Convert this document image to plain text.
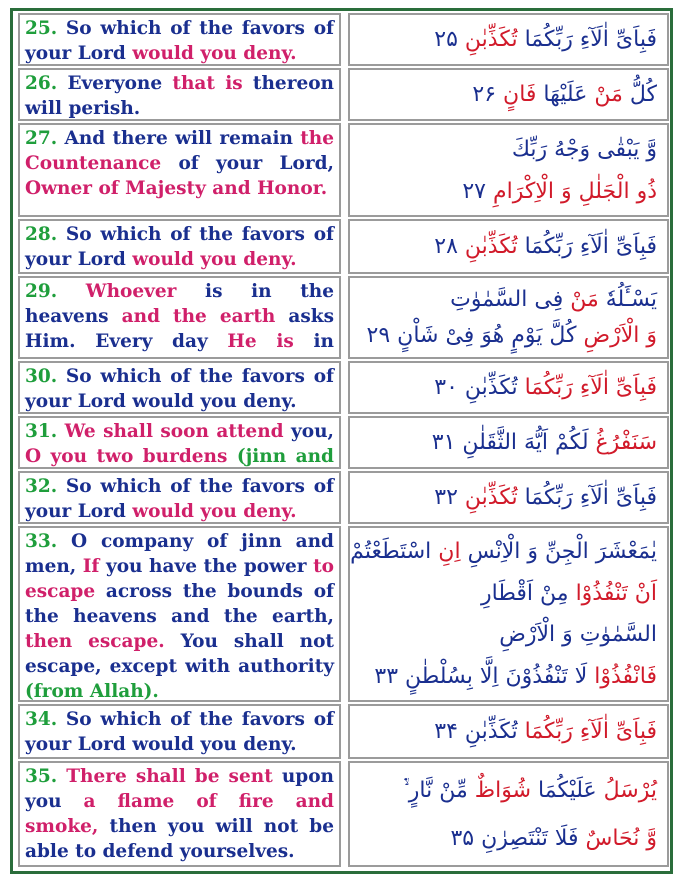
25. So which of the favors of your Lord would you deny.
فَبِاَیِّ اٰلَآءِ رَبِّكُمَا تُكَذِّبٰنِ ۲۵
26. Everyone that is thereon will perish.
كُلُّ مَنْ عَلَیْهَا فَانٍ ۲۶
27. And there will remain the Countenance of your Lord, Owner of Majesty and Honor.
وَّ یَبْقٰى وَجْهُ رَبِّكَ
ذُو الْجَلٰلِ وَ الْاِكْرَامِ ۲۷
28. So which of the favors of your Lord would you deny.
فَبِاَیِّ اٰلَآءِ رَبِّكُمَا تُكَذِّبٰنِ ۲۸
29. Whoever is in the heavens and the earth asks Him. Every day He is in
یَسْـَٔلُهٗ مَنْ فِی السَّمٰوٰتِ
وَ الْاَرْضِ كُلَّ یَوْمٍ هُوَ فِیْ شَاْنٍ ۲۹
30. So which of the favors of your Lord would you deny.
فَبِاَیِّ اٰلَآءِ رَبِّكُمَا تُكَذِّبٰنِ ۳۰
31. We shall soon attend you, O you two burdens (jinn and
سَنَفْرُغُ لَكُمْ اَیُّهَ الثَّقَلٰنِ ۳۱
32. So which of the favors of your Lord would you deny.
فَبِاَیِّ اٰلَآءِ رَبِّكُمَا تُكَذِّبٰنِ ۳۲
33. O company of jinn and men, If you have the power to escape across the bounds of the heavens and the earth, then escape. You shall not escape, except with authority (from Allah).
یٰمَعْشَرَ الْجِنِّ وَ الْاِنْسِ اِنِ اسْتَطَعْتُمْ
اَنْ تَنْفُذُوْا مِنْ اَقْطَارِ
السَّمٰوٰتِ وَ الْاَرْضِ
فَانْفُذُوْا لَا تَنْفُذُوْنَ اِلَّا بِسُلْطٰنٍ ۳۳
34. So which of the favors of your Lord would you deny.
فَبِاَیِّ اٰلَآءِ رَبِّكُمَا تُكَذِّبٰنِ ۳۴
35. There shall be sent upon you a flame of fire and smoke, then you will not be able to defend yourselves.
یُرْسَلُ عَلَیْكُمَا شُوَاظٌ مِّنْ نَّارٍ ۙ۬
وَّ نُحَاسٌ فَلَا تَنْتَصِرٰنِ ۳۵
